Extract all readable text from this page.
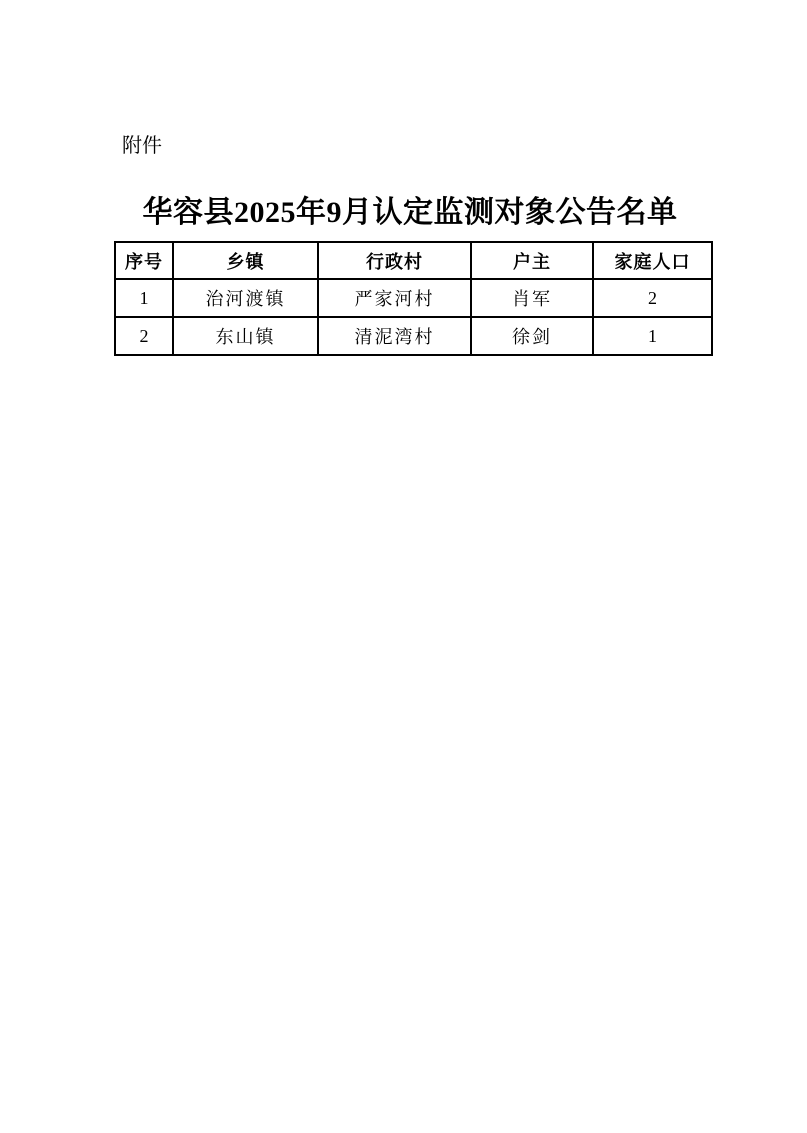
附件
华容县2025年9月认定监测对象公告名单
序号	乡镇	行政村	户主	家庭人口
1	治河渡镇	严家河村	肖军	2
2	东山镇	清泥湾村	徐剑	1
